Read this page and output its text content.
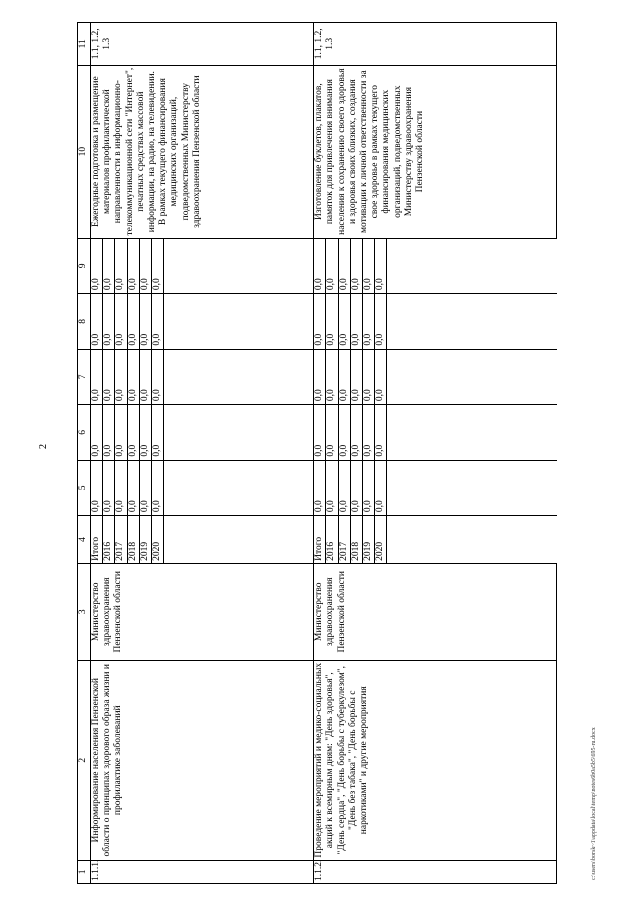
2
1	2	3	4	5	6	7	8	9	10	11
1.1.1.	Информирование населения Пензенской области о принципах здорового образа жизни и профилактике заболеваний	Министерство здравоохранения Пензенской области	Итого	0,0	0,0	0,0	0,0	0,0	Ежегодные подготовка и размещение материалов профилактической направленности в информационно-телекоммуникационной сети "Интернет", печатных средствах массовой информации, на радио, на телевидении. В рамках текущего финансирования медицинских организаций, подведомственных Министерству здравоохранения Пензенской области	1.1, 1.2, 1.3
			2016	0,0	0,0	0,0	0,0	0,0		
			2017	0,0	0,0	0,0	0,0	0,0		
			2018	0,0	0,0	0,0	0,0	0,0		
			2019	0,0	0,0	0,0	0,0	0,0		
			2020	0,0	0,0	0,0	0,0	0,0		

1.1.2.	Проведение мероприятий и медико-социальных акций к всемирным дням: "День здоровья", "День сердца", "День борьбы с туберкулезом", "День без табака", "День борьбы с наркотиками" и другие мероприятия	Министерство здравоохранения Пензенской области	Итого	0,0	0,0	0,0	0,0	0,0	Изготовление буклетов, плакатов, памяток для привлечения внимания населения к сохранению своего здоровья и здоровья своих близких, создания мотивации к личной ответственности за свое здоровье в рамках текущего финансирования медицинских организаций, подведомственных Министерству здравоохранения Пензенской области	1.1, 1.2, 1.3
			2016	0,0	0,0	0,0	0,0	0,0		
			2017	0,0	0,0	0,0	0,0	0,0		
			2018	0,0	0,0	0,0	0,0	0,0		
			2019	0,0	0,0	0,0	0,0	0,0		
			2020	0,0	0,0	0,0	0,0	0,0		

c:\users\borsk~1\appdata\local\temp\notes6b0a5b5\695-ru.docx
